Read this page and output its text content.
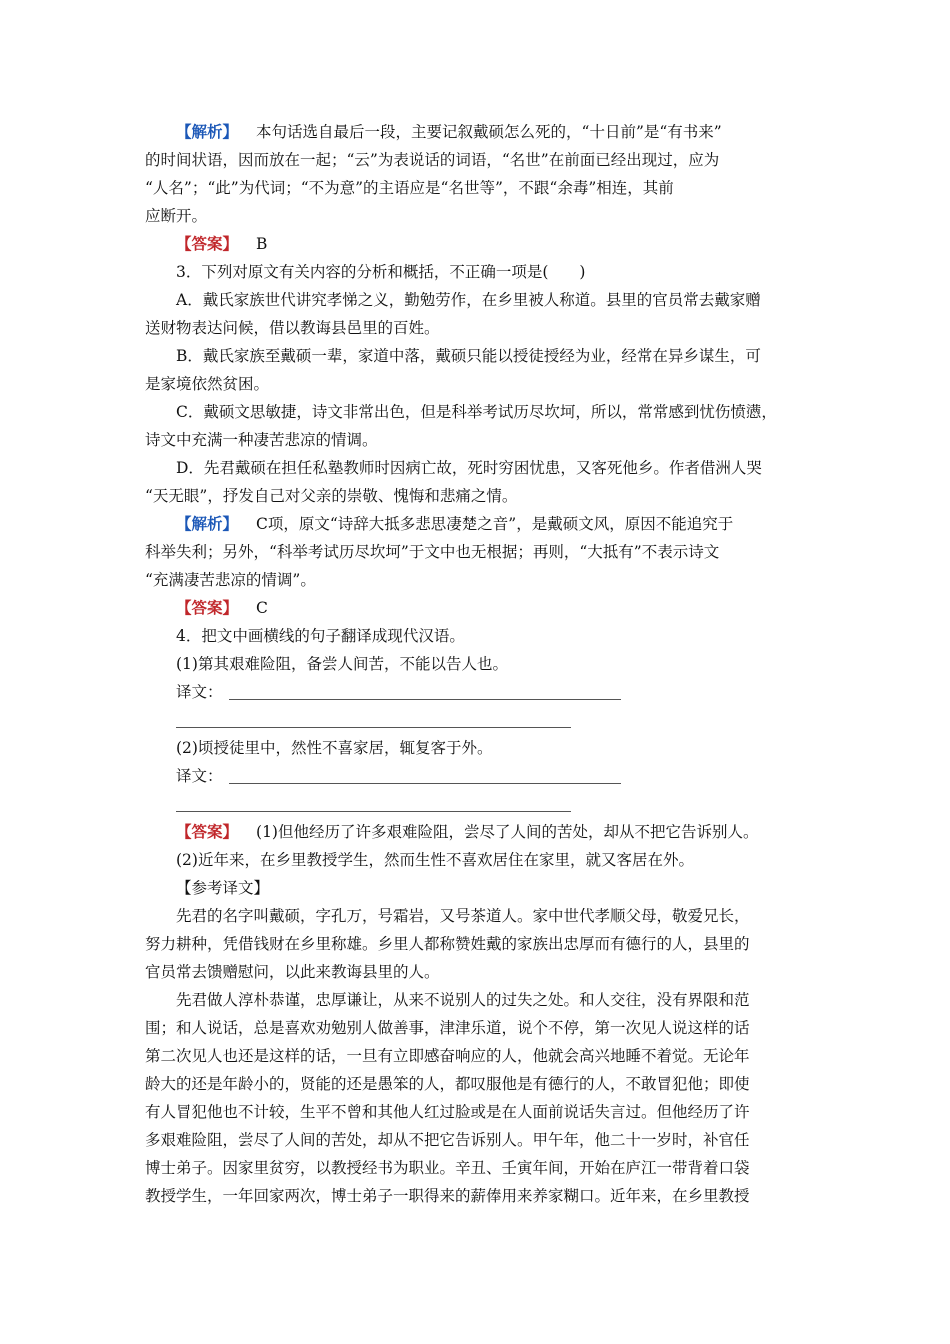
【解析】 本句话选自最后一段，主要记叙戴硕怎么死的，“十日前”是“有书来”
的时间状语，因而放在一起；“云”为表说话的词语，“名世”在前面已经出现过，应为
“人名”；“此”为代词；“不为意”的主语应是“名世等”，不跟“余毒”相连，其前
应断开。

【答案】 B

3．下列对原文有关内容的分析和概括，不正确一项是(　　)

A．戴氏家族世代讲究孝悌之义，勤勉劳作，在乡里被人称道。县里的官员常去戴家赠
送财物表达问候，借以教诲县邑里的百姓。

B．戴氏家族至戴硕一辈，家道中落，戴硕只能以授徒授经为业，经常在异乡谋生，可
是家境依然贫困。

C．戴硕文思敏捷，诗文非常出色，但是科举考试历尽坎坷，所以，常常感到忧伤愤懑，
诗文中充满一种凄苦悲凉的情调。

D．先君戴硕在担任私塾教师时因病亡故，死时穷困忧患，又客死他乡。作者借洲人哭
“天无眼”，抒发自己对父亲的崇敬、愧悔和悲痛之情。

【解析】 C项，原文“诗辞大抵多悲思凄楚之音”，是戴硕文风，原因不能追究于
科举失利；另外，“科举考试历尽坎坷”于文中也无根据；再则，“大抵有”不表示诗文
“充满凄苦悲凉的情调”。

【答案】 C

4．把文中画横线的句子翻译成现代汉语。

(1)第其艰难险阻，备尝人间苦，不能以告人也。

译文：

(2)顷授徒里中，然性不喜家居，辄复客于外。

译文：

【答案】 (1)但他经历了许多艰难险阻，尝尽了人间的苦处，却从不把它告诉别人。

(2)近年来，在乡里教授学生，然而生性不喜欢居住在家里，就又客居在外。

【参考译文】

先君的名字叫戴硕，字孔万，号霜岩，又号茶道人。家中世代孝顺父母，敬爱兄长，
努力耕种，凭借钱财在乡里称雄。乡里人都称赞姓戴的家族出忠厚而有德行的人，县里的
官员常去馈赠慰问，以此来教诲县里的人。

先君做人淳朴恭谨，忠厚谦让，从来不说别人的过失之处。和人交往，没有界限和范
围；和人说话，总是喜欢劝勉别人做善事，津津乐道，说个不停，第一次见人说这样的话
第二次见人也还是这样的话，一旦有立即感奋响应的人，他就会高兴地睡不着觉。无论年
龄大的还是年龄小的，贤能的还是愚笨的人，都叹服他是有德行的人，不敢冒犯他；即使
有人冒犯他也不计较，生平不曾和其他人红过脸或是在人面前说话失言过。但他经历了许
多艰难险阻，尝尽了人间的苦处，却从不把它告诉别人。甲午年，他二十一岁时，补官任
博士弟子。因家里贫穷，以教授经书为职业。辛丑、壬寅年间，开始在庐江一带背着口袋
教授学生，一年回家两次，博士弟子一职得来的薪俸用来养家糊口。近年来，在乡里教授
